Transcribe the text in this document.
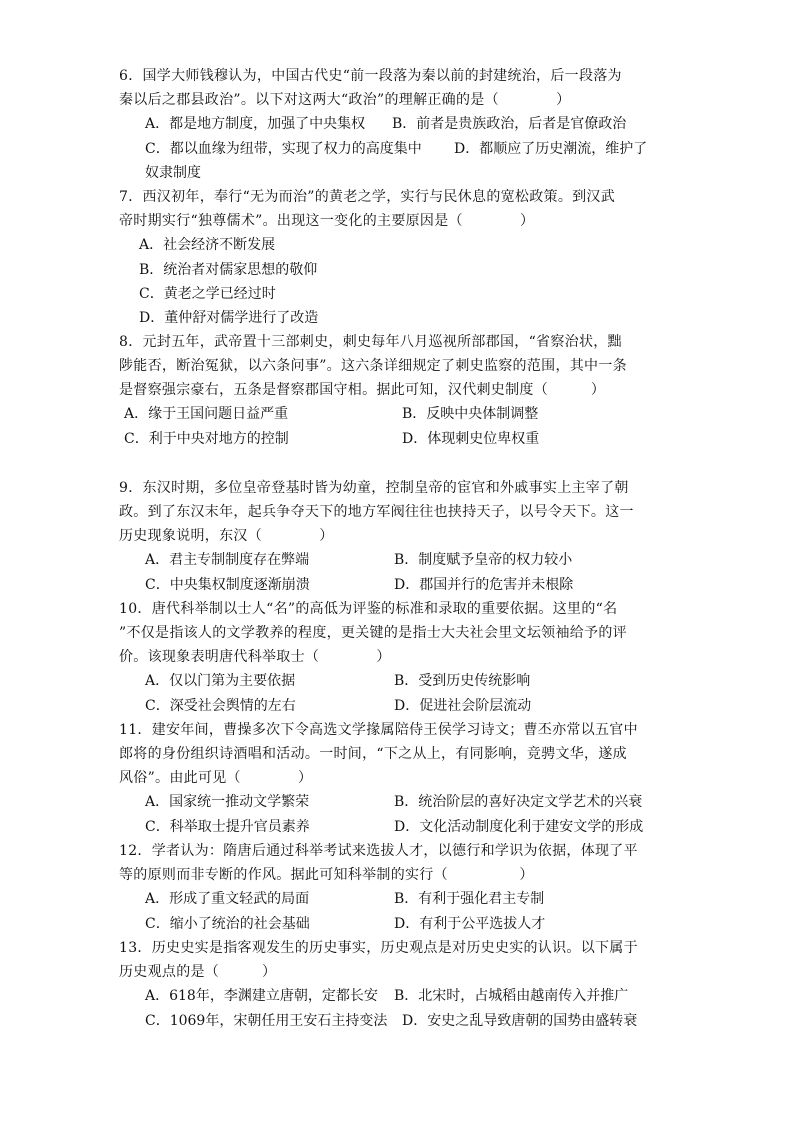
6．国学大师钱穆认为，中国古代史“前一段落为秦以前的封建统治，后一段落为
秦以后之郡县政治”。以下对这两大“政治”的理解正确的是（　　　　）
A．都是地方制度，加强了中央集权 B．前者是贵族政治，后者是官僚政治
C．都以血缘为纽带，实现了权力的高度集中 D．都顺应了历史潮流，维护了
奴隶制度
7．西汉初年，奉行“无为而治”的黄老之学，实行与民休息的宽松政策。到汉武
帝时期实行“独尊儒术”。出现这一变化的主要原因是（　　　　）
A．社会经济不断发展
B．统治者对儒家思想的敬仰
C．黄老之学已经过时
D．董仲舒对儒学进行了改造
8．元封五年，武帝置十三部刺史，刺史每年八月巡视所部郡国，“省察治状，黜
陟能否，断治冤狱，以六条问事”。这六条详细规定了刺史监察的范围，其中一条
是督察强宗豪右，五条是督察郡国守相。据此可知，汉代刺史制度（　　　）
A．缘于王国问题日益严重	B．反映中央体制调整
C．利于中央对地方的控制	D．体现刺史位卑权重
9．东汉时期，多位皇帝登基时皆为幼童，控制皇帝的宦官和外戚事实上主宰了朝
政。到了东汉末年，起兵争夺天下的地方军阀往往也挟持天子，以号令天下。这一
历史现象说明，东汉（　　　　）
A．君主专制制度存在弊端	B．制度赋予皇帝的权力较小
C．中央集权制度逐渐崩溃	D．郡国并行的危害并未根除
10．唐代科举制以士人“名”的高低为评鉴的标准和录取的重要依据。这里的“名
”不仅是指该人的文学教养的程度，更关键的是指士大夫社会里文坛领袖给予的评
价。该现象表明唐代科举取士（　　　　）
A．仅以门第为主要依据	B．受到历史传统影响
C．深受社会舆情的左右	D．促进社会阶层流动
11．建安年间，曹操多次下令高选文学掾属陪侍王侯学习诗文；曹丕亦常以五官中
郎将的身份组织诗酒唱和活动。一时间，“下之从上，有同影响，竞骋文华，遂成
风俗”。由此可见（　　　　）
A．国家统一推动文学繁荣	B．统治阶层的喜好决定文学艺术的兴衰
C．科举取士提升官员素养	D．文化活动制度化利于建安文学的形成
12．学者认为：隋唐后通过科举考试来选拔人才，以德行和学识为依据，体现了平
等的原则而非专断的作风。据此可知科举制的实行（　　　　　）
A．形成了重文轻武的局面	B．有利于强化君主专制
C．缩小了统治的社会基础	D．有利于公平选拔人才
13．历史史实是指客观发生的历史事实，历史观点是对历史史实的认识。以下属于
历史观点的是（　　　）
A．618年，李渊建立唐朝，定都长安 B．北宋时，占城稻由越南传入并推广
C．1069年，宋朝任用王安石主持变法 D．安史之乱导致唐朝的国势由盛转衰
